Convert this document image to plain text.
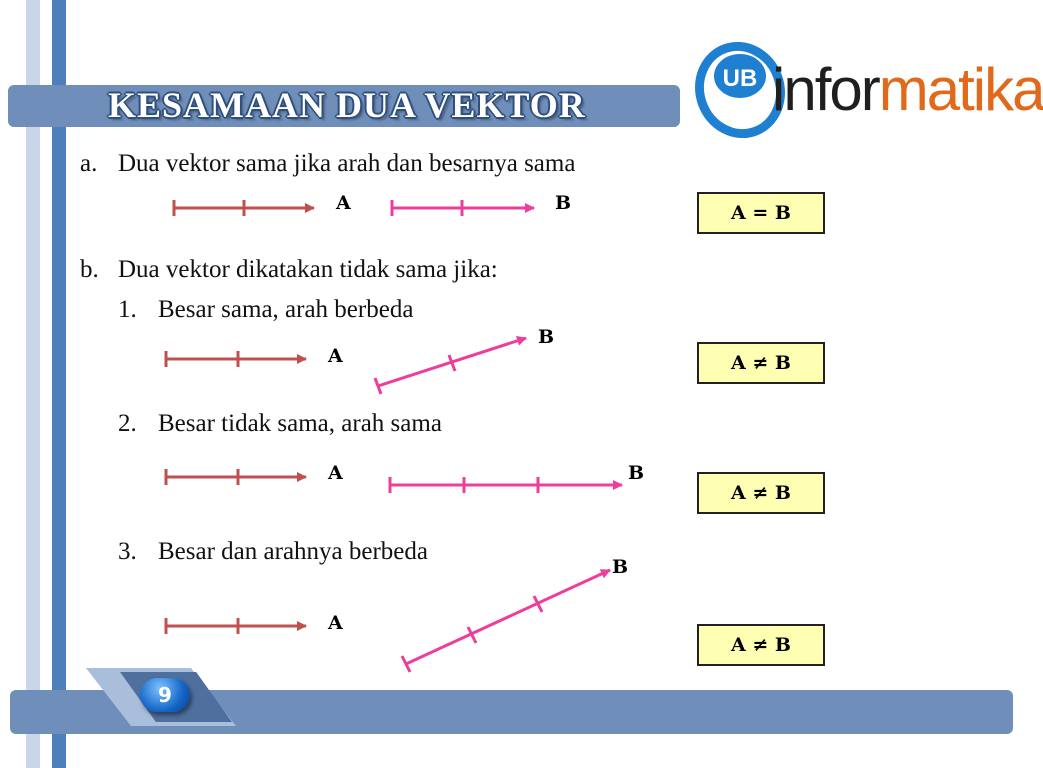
KESAMAAN DUA VEKTOR
UB informatika
a. Dua vektor sama jika arah dan besarnya sama
A	B	A = B
b. Dua vektor dikatakan tidak sama jika:
1. Besar sama, arah berbeda
A
B
A ≠ B
2. Besar tidak sama, arah sama
A	B
A ≠ B
3. Besar dan arahnya berbeda
A
B
A ≠ B
9
